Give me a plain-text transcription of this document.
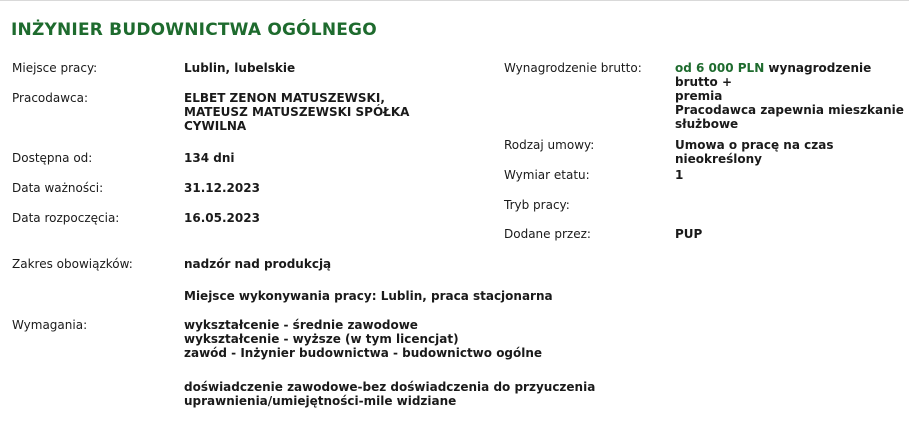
INŻYNIER BUDOWNICTWA OGÓLNEGO
Miejsce pracy:	Lublin, lubelskie
Pracodawca:	ELBET ZENON MATUSZEWSKI,
MATEUSZ MATUSZEWSKI SPÓŁKA
CYWILNA
Dostępna od:	134 dni
Data ważności:	31.12.2023
Data rozpoczęcia:	16.05.2023
Wynagrodzenie brutto:	od 6 000 PLN wynagrodzenie brutto +
premia
Pracodawca zapewnia mieszkanie
służbowe
Rodzaj umowy:	Umowa o pracę na czas nieokreślony
Wymiar etatu:	1
Tryb pracy:
Dodane przez:	PUP
Zakres obowiązków:	nadzór nad produkcją
Miejsce wykonywania pracy: Lublin, praca stacjonarna
Wymagania:	wykształcenie - średnie zawodowe
wykształcenie - wyższe (w tym licencjat)
zawód - Inżynier budownictwa - budownictwo ogólne
doświadczenie zawodowe-bez doświadczenia do przyuczenia
uprawnienia/umiejętności-mile widziane
